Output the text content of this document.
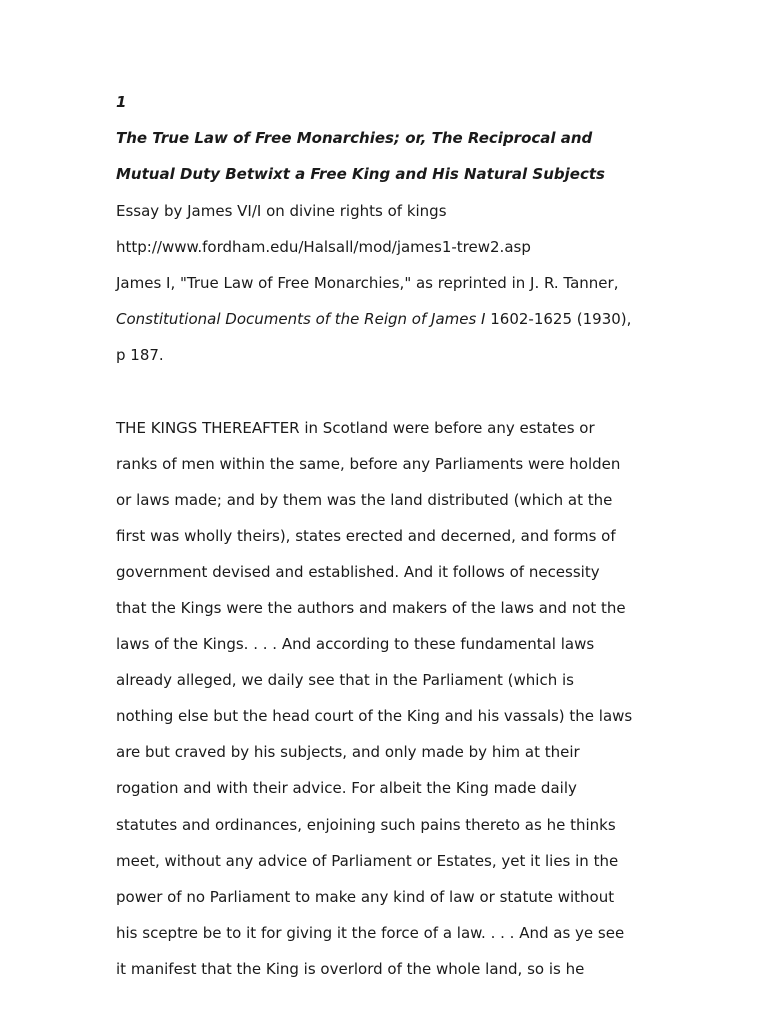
1
The True Law of Free Monarchies; or, The Reciprocal and
Mutual Duty Betwixt a Free King and His Natural Subjects
Essay by James VI/I on divine rights of kings
http://www.fordham.edu/Halsall/mod/james1-trew2.asp
James I, "True Law of Free Monarchies," as reprinted in J. R. Tanner,
Constitutional Documents of the Reign of James I 1602-1625 (1930),
p 187.
THE KINGS THEREAFTER in Scotland were before any estates or
ranks of men within the same, before any Parliaments were holden
or laws made; and by them was the land distributed (which at the
first was wholly theirs), states erected and decerned, and forms of
government devised and established. And it follows of necessity
that the Kings were the authors and makers of the laws and not the
laws of the Kings. . . . And according to these fundamental laws
already alleged, we daily see that in the Parliament (which is
nothing else but the head court of the King and his vassals) the laws
are but craved by his subjects, and only made by him at their
rogation and with their advice. For albeit the King made daily
statutes and ordinances, enjoining such pains thereto as he thinks
meet, without any advice of Parliament or Estates, yet it lies in the
power of no Parliament to make any kind of law or statute without
his sceptre be to it for giving it the force of a law. . . . And as ye see
it manifest that the King is overlord of the whole land, so is he
